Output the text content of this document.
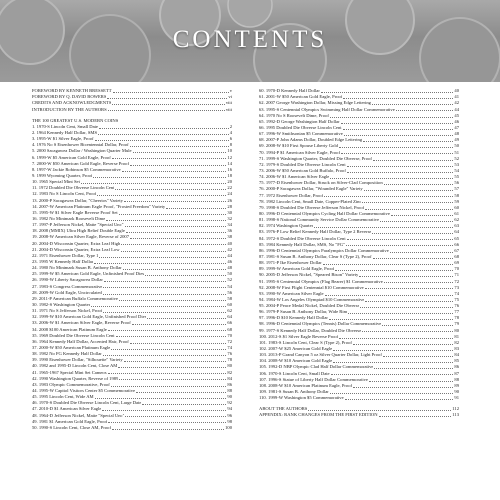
CONTENTS
FOREWORD BY KENNETH BRESSETT	v
FOREWORD BY Q. DAVID BOWERS	vi
CREDITS AND ACKNOWLEDGMENTS	viii
INTRODUCTION BY THE AUTHORS	viii
THE 100 GREATEST U.S. MODERN COINS
1. 1970-S Lincoln Cent, Small Date	2
2. 1964 Kennedy Half Dollar, SMS	4
3. 1995-W $1 Silver Eagle, Proof	6
4. 1976 No S Eisenhower Bicentennial Dollar, Proof	8
5. 2000 Sacagawea Dollar / Washington Quarter Mule	10
6. 1999-W $5 American Gold Eagle, Proof	12
7. 2000-W $50 American Gold Eagle, Reverse Proof	14
8. 1997-W Jackie Robinson $5 Commemorative	16
9. 1999 Wyoming Quarter, Proof	18
10. 1965 Special Mint Set	20
11. 1972 Doubled Die Obverse Lincoln Cent	22
12. 1983 No S Lincoln Cent, Proof	24
13. 2000-P Sacagawea Dollar, "Cheerios" Variety	26
14. 2007-W American Platinum Eagle Proof, "Frosted Freedom" Variety	28
15. 1995-W $1 Silver Eagle Reverse Proof Set	30
16. 1982 No Mintmark Roosevelt Dime	32
17. 1997-P Jefferson Nickel, Matte "Special Unc"	34
18. 2008 (MMIX) Ultra High Relief Double Eagle	36
19. 2008-W American Silver Eagle, Reverse of 2007	38
20. 2004-D Wisconsin Quarter, Extra Leaf High	40
21. 2004-D Wisconsin Quarter, Extra Leaf Low	42
22. 1971 Eisenhower Dollar, Type 1	44
23. 1995 W Kennedy Half Dollar	46
24. 1980 No Mintmark Susan B. Anthony Dollar	48
25. 1999-W $5 American Gold Eagle, Unfinished Proof Dies	50
26. 1990-W Liberty Sacagawea Dollar	52
27. 1983-S Congress Commemorative	54
28. 2009-W Gold Eagle, Uncirculated	56
29. 2011-P American Buffalo Commemorative	58
30. 1982-S Washington Quarter	60
31. 1971 No S Jefferson Nickel, Proof	62
32. 1999-W $10 American Gold Eagle, Unfinished Proof Dies	64
33. 2006-W $1 American Silver Eagle, Reverse Proof	66
34. 2008 $100 American Platinum Eagle	68
35. 1969 Doubled Die Obverse Lincoln Cent	70
36. 1964 Kennedy Half Dollar, Accented Hair, Proof	72
37. 2000-W $50 American Platinum Eagle	74
38. 1982 No FG Kennedy Half Dollar	76
39. 1990 Eisenhower Dollar, "Silhouette" Variety	78
40. 1982 and 1995-D Lincoln Cent, Close AM	80
41. 1965-1967 Special Mint Set Cameos	82
42. 1990 Washington Quarter, Reverse of 1989	84
43. 1983 Olympic Commemorative, Proof	86
44. 1995-W Capitol Visitors Center $5 Commemorative	88
45. 1995 Lincoln Cent, Wide AM	90
46. 1970-S Doubled Die Obverse Lincoln Cent, Large Date	92
47. 2010-D $1 American Silver Eagle	94
48. 1964-D Jefferson Nickel, Matte "Special Unc"	96
49. 1981 $1 American Gold Eagle, Proof	98
50. 1990-S Lincoln Cent, Close AM, Proof	100
60. 1970-D Kennedy Half Dollar	40
61. 2001-W $50 American Gold Eagle, Proof	41
62. 2007 George Washington Dollar, Missing Edge Lettering	42
63. 1995-S Centennial Olympics Swimming Half Dollar Commemorative	44
64. 1970 No S Roosevelt Dime, Proof	45
65. 1992-D George Washington Half Dollar	46
66. 1995 Doubled Die Obverse Lincoln Cent	47
67. 1996-W Smithsonian $5 Commemorative	48
68. 2007-P John Adams Dollar, Doubled Edge Lettering	49
69. 2008-W $10 First Spouse Liberty Gold	50
70. 1994-P $1 American Silver Eagle, Proof	51
71. 1999-S Washington Quarter, Doubled Die Obverse, Proof	52
72. 1979-S Doubled Die Obverse Lincoln Cent	53
73. 2006-W $50 American Gold Buffalo, Proof	54
74. 2006-W $1 American Silver Eagle	55
75. 1977-D Eisenhower Dollar, Struck on Silver-Clad Composition	56
76. 2000-P Sacagawea Dollar, "Wounded Eagle" Variety	57
77. 1972 Eisenhower Dollar, Proof	58
78. 1982 Lincoln Cent, Small Date, Copper-Plated Zinc	59
79. 1998-S Doubled Die Obverse Jefferson Nickel, Proof	60
80. 1996-D Centennial Olympics Cycling Half Dollar Commemorative	61
81. 1998-S National Community Service Dollar Commemorative	62
82. 1974 Washington Quarter	63
83. 1976-P Low Relief Kennedy Half Dollar, Type 2 Reverse	64
84. 1972-S Doubled Die Obverse Lincoln Cent	65
85. 1984 Kennedy Half Dollar, SMS, No "FG"	66
86. 1996-D Centennial Olympics Paralympics Dollar Commemorative	67
87. 1981-S Susan B. Anthony Dollar, Clear S (Type 2), Proof	68
88. 1971-P Ike Eisenhower Dollar	69
89. 1999-W American Gold Eagle, Proof	70
90. 2005-D Jefferson Nickel, "Speared Bison" Variety	71
91. 1995-S Centennial Olympics (Flag Bearer) $1 Commemorative	72
92. 2008-W First Flight Centennial $10 Commemorative	73
93. 1990-W American Silver Eagle	74
94. 1984-W Los Angeles Olympiad $10 Commemorative	75
95. 2004-P Peace Medal Nickel, Doubled Die Obverse	76
96. 1979-P Susan B. Anthony Dollar, Wide Rim	77
97. 1996-D $10 Kennedy Half Dollar	78
98. 1996-D Centennial Olympics (Tennis) Dollar Commemorative	79
99. 1977-S Kennedy Half Dollar, Doubled Die Obverse	80
100. 2012-S $1 Silver Eagle Reverse Proof	81
101. 1983-S Lincoln Cent, Clear S (Type 2), Proof	82
102. 2007-W $25 American Gold Eagle	83
103. 2013-P Grand Canyon 5 oz Silver Quarter Dollar, Light Proof	84
104. 2008-W $10 American Gold Eagle	85
105. 1992-D NBP Olympic Clad Half Dollar Commemorative	86
106. 1970-S Lincoln Cent, Small Date	87
107. 1996-S Statue of Liberty Half Dollar Commemorative	88
108. 2008-W $10 American Platinum Eagle, Proof	89
109. 1981-S Susan B. Anthony Dollar	90
110. 1999-W Washington $5 Commemorative	91
ABOUT THE AUTHORS	112
APPENDIX: RANK CHANGES FROM THE FIRST EDITION	113
